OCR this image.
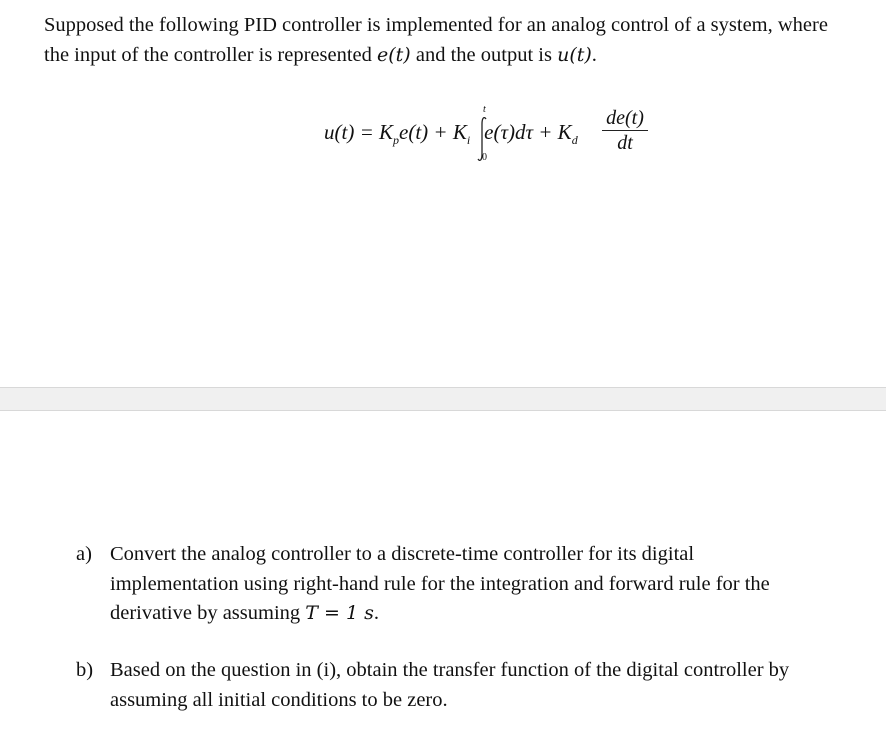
Supposed the following PID controller is implemented for an analog control of a system, where
the input of the controller is represented e(t) and the output is u(t).
$u(t) = K_pe(t) + K_i$ $e(\tau)d\tau + K_d$
t
0
de(t)
dt
a) Convert the analog controller to a discrete-time controller for its digital
implementation using right-hand rule for the integration and forward rule for the
derivative by assuming T = 1 s.
b) Based on the question in (i), obtain the transfer function of the digital controller by
assuming all initial conditions to be zero.
